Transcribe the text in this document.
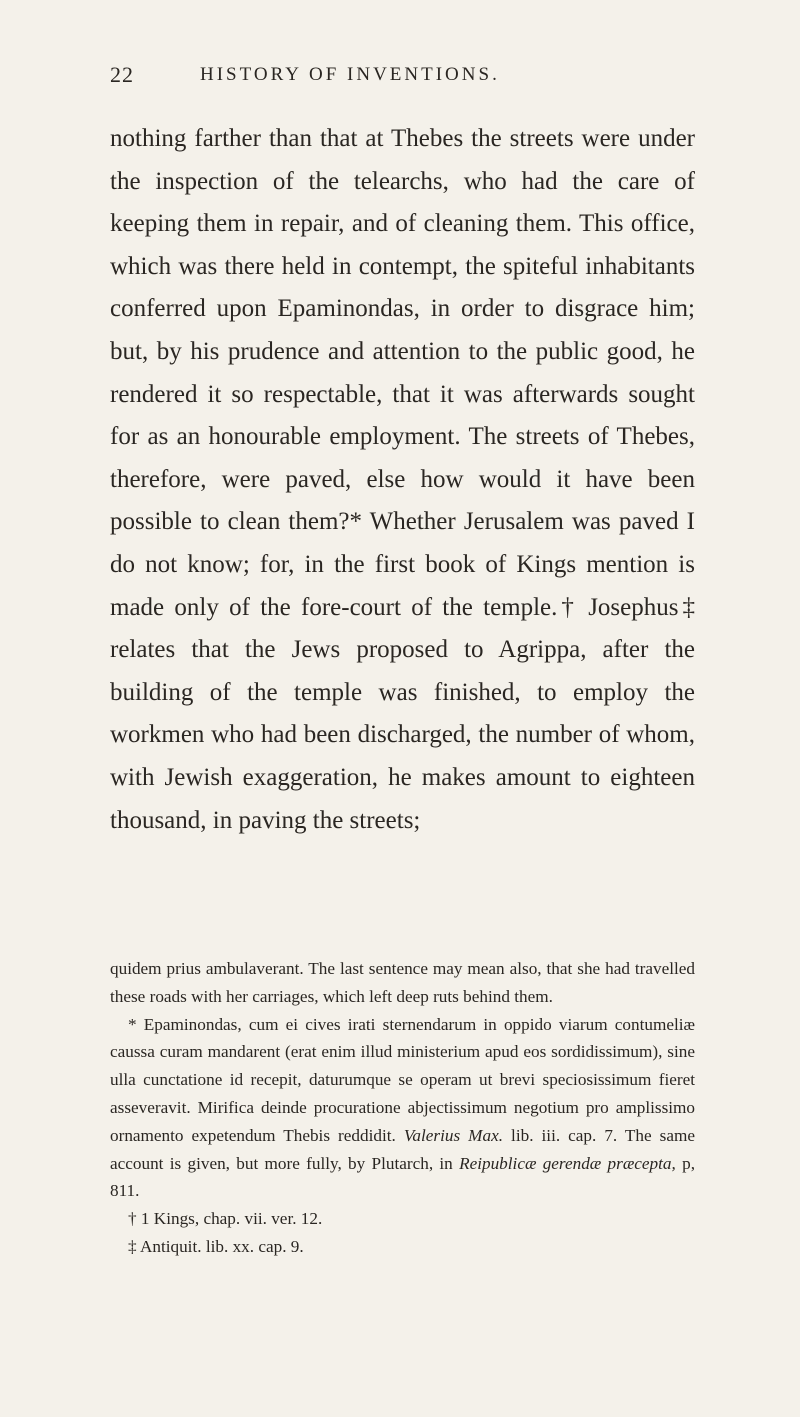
22	HISTORY OF INVENTIONS.

nothing farther than that at Thebes the streets were under the inspection of the telearchs, who had the care of keeping them in repair, and of cleaning them. This office, which was there held in contempt, the spiteful inhabitants conferred upon Epaminondas, in order to disgrace him; but, by his prudence and attention to the public good, he rendered it so respectable, that it was afterwards sought for as an honourable employment. The streets of Thebes, therefore, were paved, else how would it have been possible to clean them?* Whether Jerusalem was paved I do not know; for, in the first book of Kings mention is made only of the fore-court of the temple.† Josephus‡ relates that the Jews proposed to Agrippa, after the building of the temple was finished, to employ the workmen who had been discharged, the number of whom, with Jewish exaggeration, he makes amount to eighteen thousand, in paving the streets;

quidem prius ambulaverant. The last sentence may mean also, that she had travelled these roads with her carriages, which left deep ruts behind them.

* Epaminondas, cum ei cives irati sternendarum in oppido viarum contumeliæ caussa curam mandarent (erat enim illud ministerium apud eos sordidissimum), sine ulla cunctatione id recepit, daturumque se operam ut brevi speciosissimum fieret asseveravit. Mirifica deinde procuratione abjectissimum negotium pro amplissimo ornamento expetendum Thebis reddidit. Valerius Max. lib. iii. cap. 7. The same account is given, but more fully, by Plutarch, in Reipublicæ gerendæ præcepta, p, 811.

† 1 Kings, chap. vii. ver. 12.

‡ Antiquit. lib. xx. cap. 9.
